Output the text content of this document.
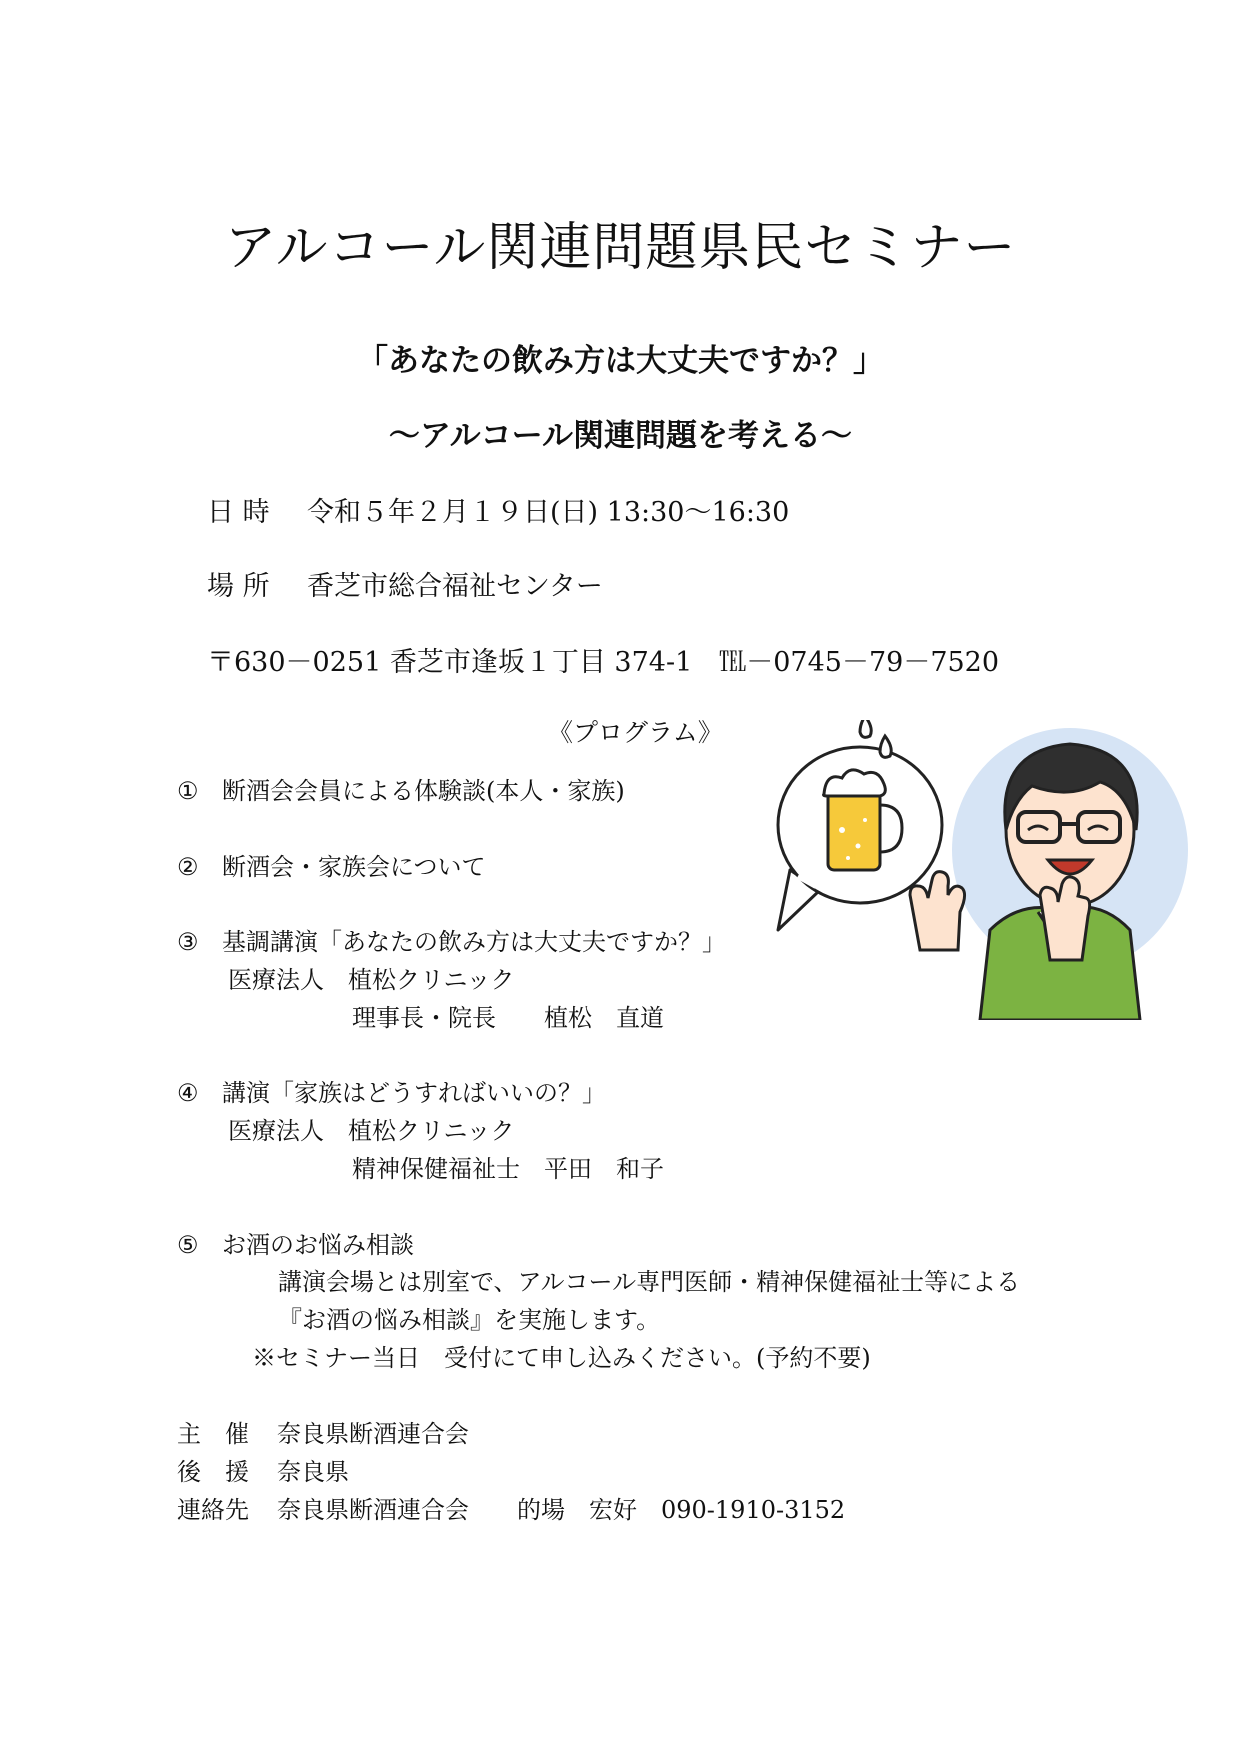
アルコール関連問題県民セミナー
「あなたの飲み方は大丈夫ですか？」
～アルコール関連問題を考える～
日 時 令和５年２月１９日(日) 13:30～16:30
場 所 香芝市総合福祉センター
〒630－0251 香芝市逢坂１丁目 374-1　℡－0745－79－7520
《プログラム》
① 断酒会会員による体験談(本人・家族)
② 断酒会・家族会について
③ 基調講演「あなたの飲み方は大丈夫ですか？」
医療法人　植松クリニック
理事長・院長　　植松　直道
④ 講演「家族はどうすればいいの？」
医療法人　植松クリニック
精神保健福祉士　平田　和子
⑤ お酒のお悩み相談
講演会場とは別室で、アルコール専門医師・精神保健福祉士等による
『お酒の悩み相談』を実施します。
※セミナー当日　受付にて申し込みください。(予約不要)
主　催 奈良県断酒連合会
後　援 奈良県
連絡先 奈良県断酒連合会　　的場　宏好　090-1910-3152
